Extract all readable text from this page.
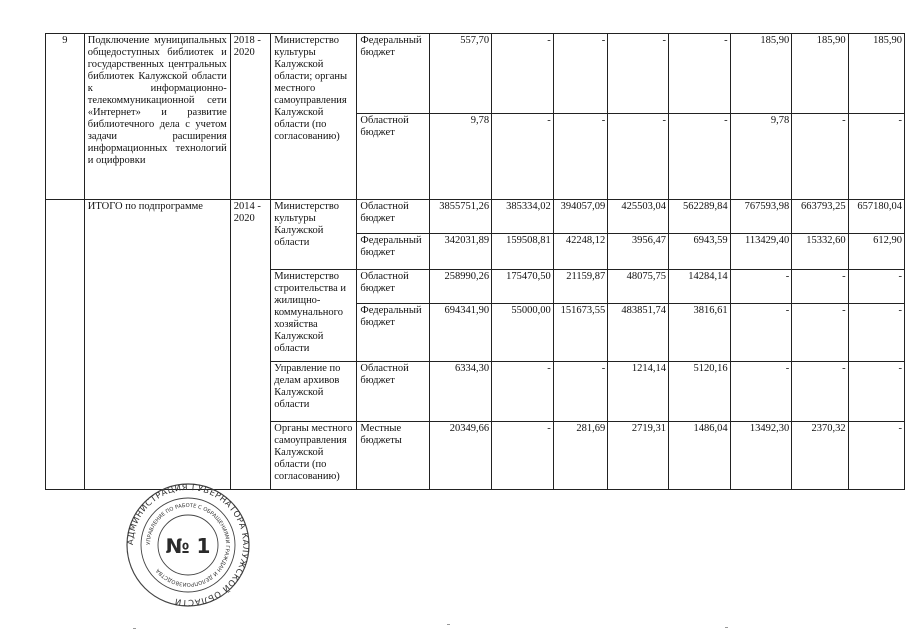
9	Подключение муниципальных общедоступных библиотек и государственных центральных библиотек Калужской области к информационно-телекоммуникационной сети «Интернет» и развитие библиотечного дела с учетом задачи расширения информационных технологий и оцифровки	2018 - 2020	Министерство культуры Калужской области; органы местного самоуправления Калужской области (по согласованию)	Федеральный бюджет	557,70	-	-	-	-	185,90	185,90	185,90
				Областной бюджет	9,78	-	-	-	-	9,78	-	-
	ИТОГО по подпрограмме	2014 - 2020	Министерство культуры Калужской области	Областной бюджет	3855751,26	385334,02	394057,09	425503,04	562289,84	767593,98	663793,25	657180,04
				Федеральный бюджет	342031,89	159508,81	42248,12	3956,47	6943,59	113429,40	15332,60	612,90
			Министерство строительства и жилищно-коммунального хозяйства Калужской области	Областной бюджет	258990,26	175470,50	21159,87	48075,75	14284,14	-	-	-
				Федеральный бюджет	694341,90	55000,00	151673,55	483851,74	3816,61	-	-	-
			Управление по делам архивов Калужской области	Областной бюджет	6334,30	-	-	1214,14	5120,16	-	-	-
			Органы местного самоуправления Калужской области (по согласованию)	Местные бюджеты	20349,66	-	281,69	2719,31	1486,04	13492,30	2370,32	-
АДМИНИСТРАЦИЯ ГУБЕРНАТОРА КАЛУЖСКОЙ ОБЛАСТИ
УПРАВЛЕНИЕ ПО РАБОТЕ С ОБРАЩЕНИЯМИ ГРАЖДАН И ДЕЛОПРОИЗВОДСТВА
№ 1
